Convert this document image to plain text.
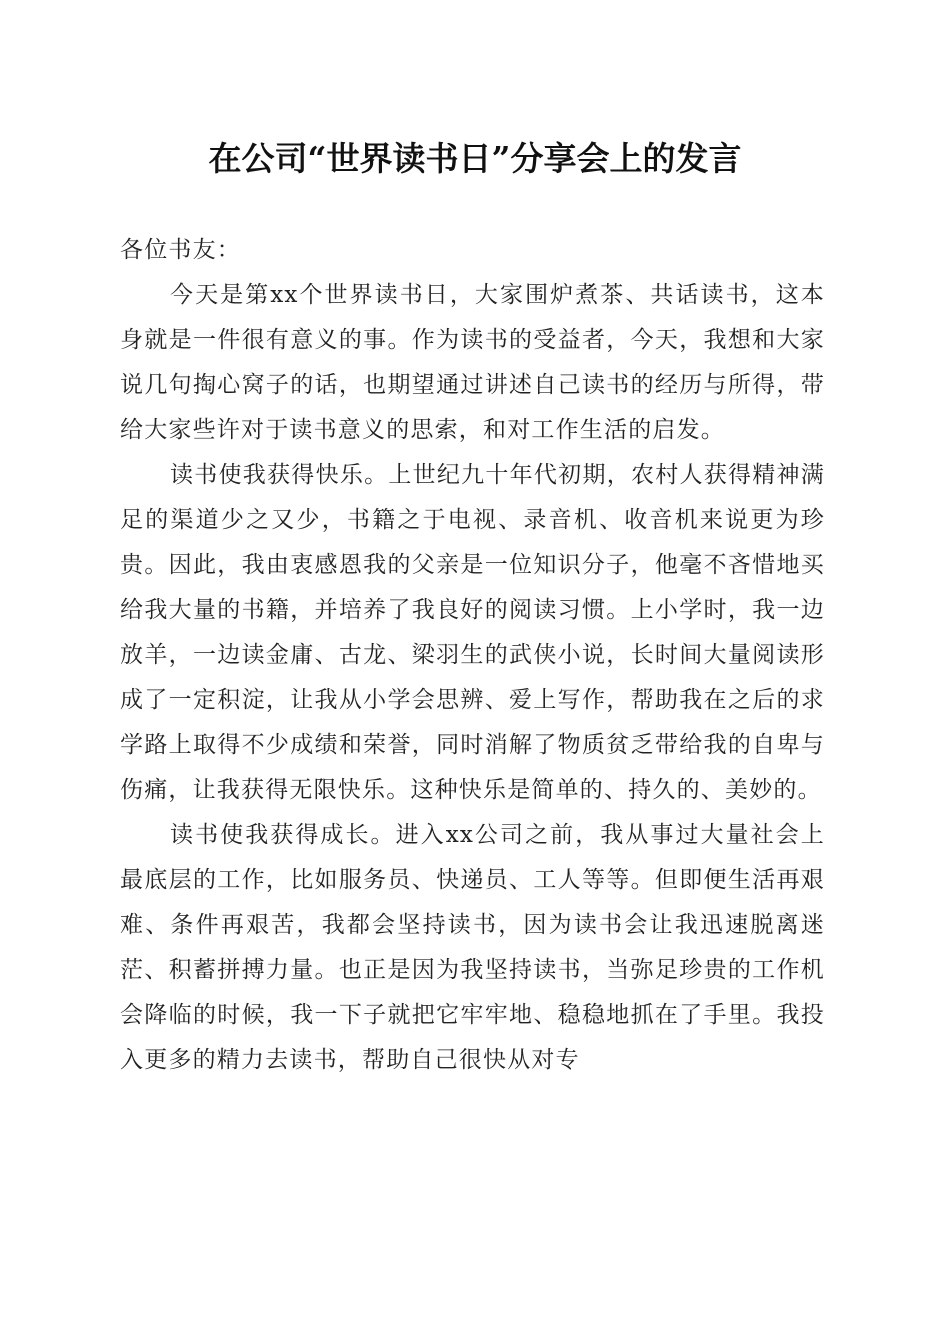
在公司“世界读书日”分享会上的发言

各位书友：

今天是第xx个世界读书日，大家围炉煮茶、共话读书，这本身就是一件很有意义的事。作为读书的受益者，今天，我想和大家说几句掏心窝子的话，也期望通过讲述自己读书的经历与所得，带给大家些许对于读书意义的思索，和对工作生活的启发。

读书使我获得快乐。上世纪九十年代初期，农村人获得精神满足的渠道少之又少，书籍之于电视、录音机、收音机来说更为珍贵。因此，我由衷感恩我的父亲是一位知识分子，他毫不吝惜地买给我大量的书籍，并培养了我良好的阅读习惯。上小学时，我一边放羊，一边读金庸、古龙、梁羽生的武侠小说，长时间大量阅读形成了一定积淀，让我从小学会思辨、爱上写作，帮助我在之后的求学路上取得不少成绩和荣誉，同时消解了物质贫乏带给我的自卑与伤痛，让我获得无限快乐。这种快乐是简单的、持久的、美妙的。

读书使我获得成长。进入xx公司之前，我从事过大量社会上最底层的工作，比如服务员、快递员、工人等等。但即便生活再艰难、条件再艰苦，我都会坚持读书，因为读书会让我迅速脱离迷茫、积蓄拼搏力量。也正是因为我坚持读书，当弥足珍贵的工作机会降临的时候，我一下子就把它牢牢地、稳稳地抓在了手里。我投入更多的精力去读书，帮助自己很快从对专
